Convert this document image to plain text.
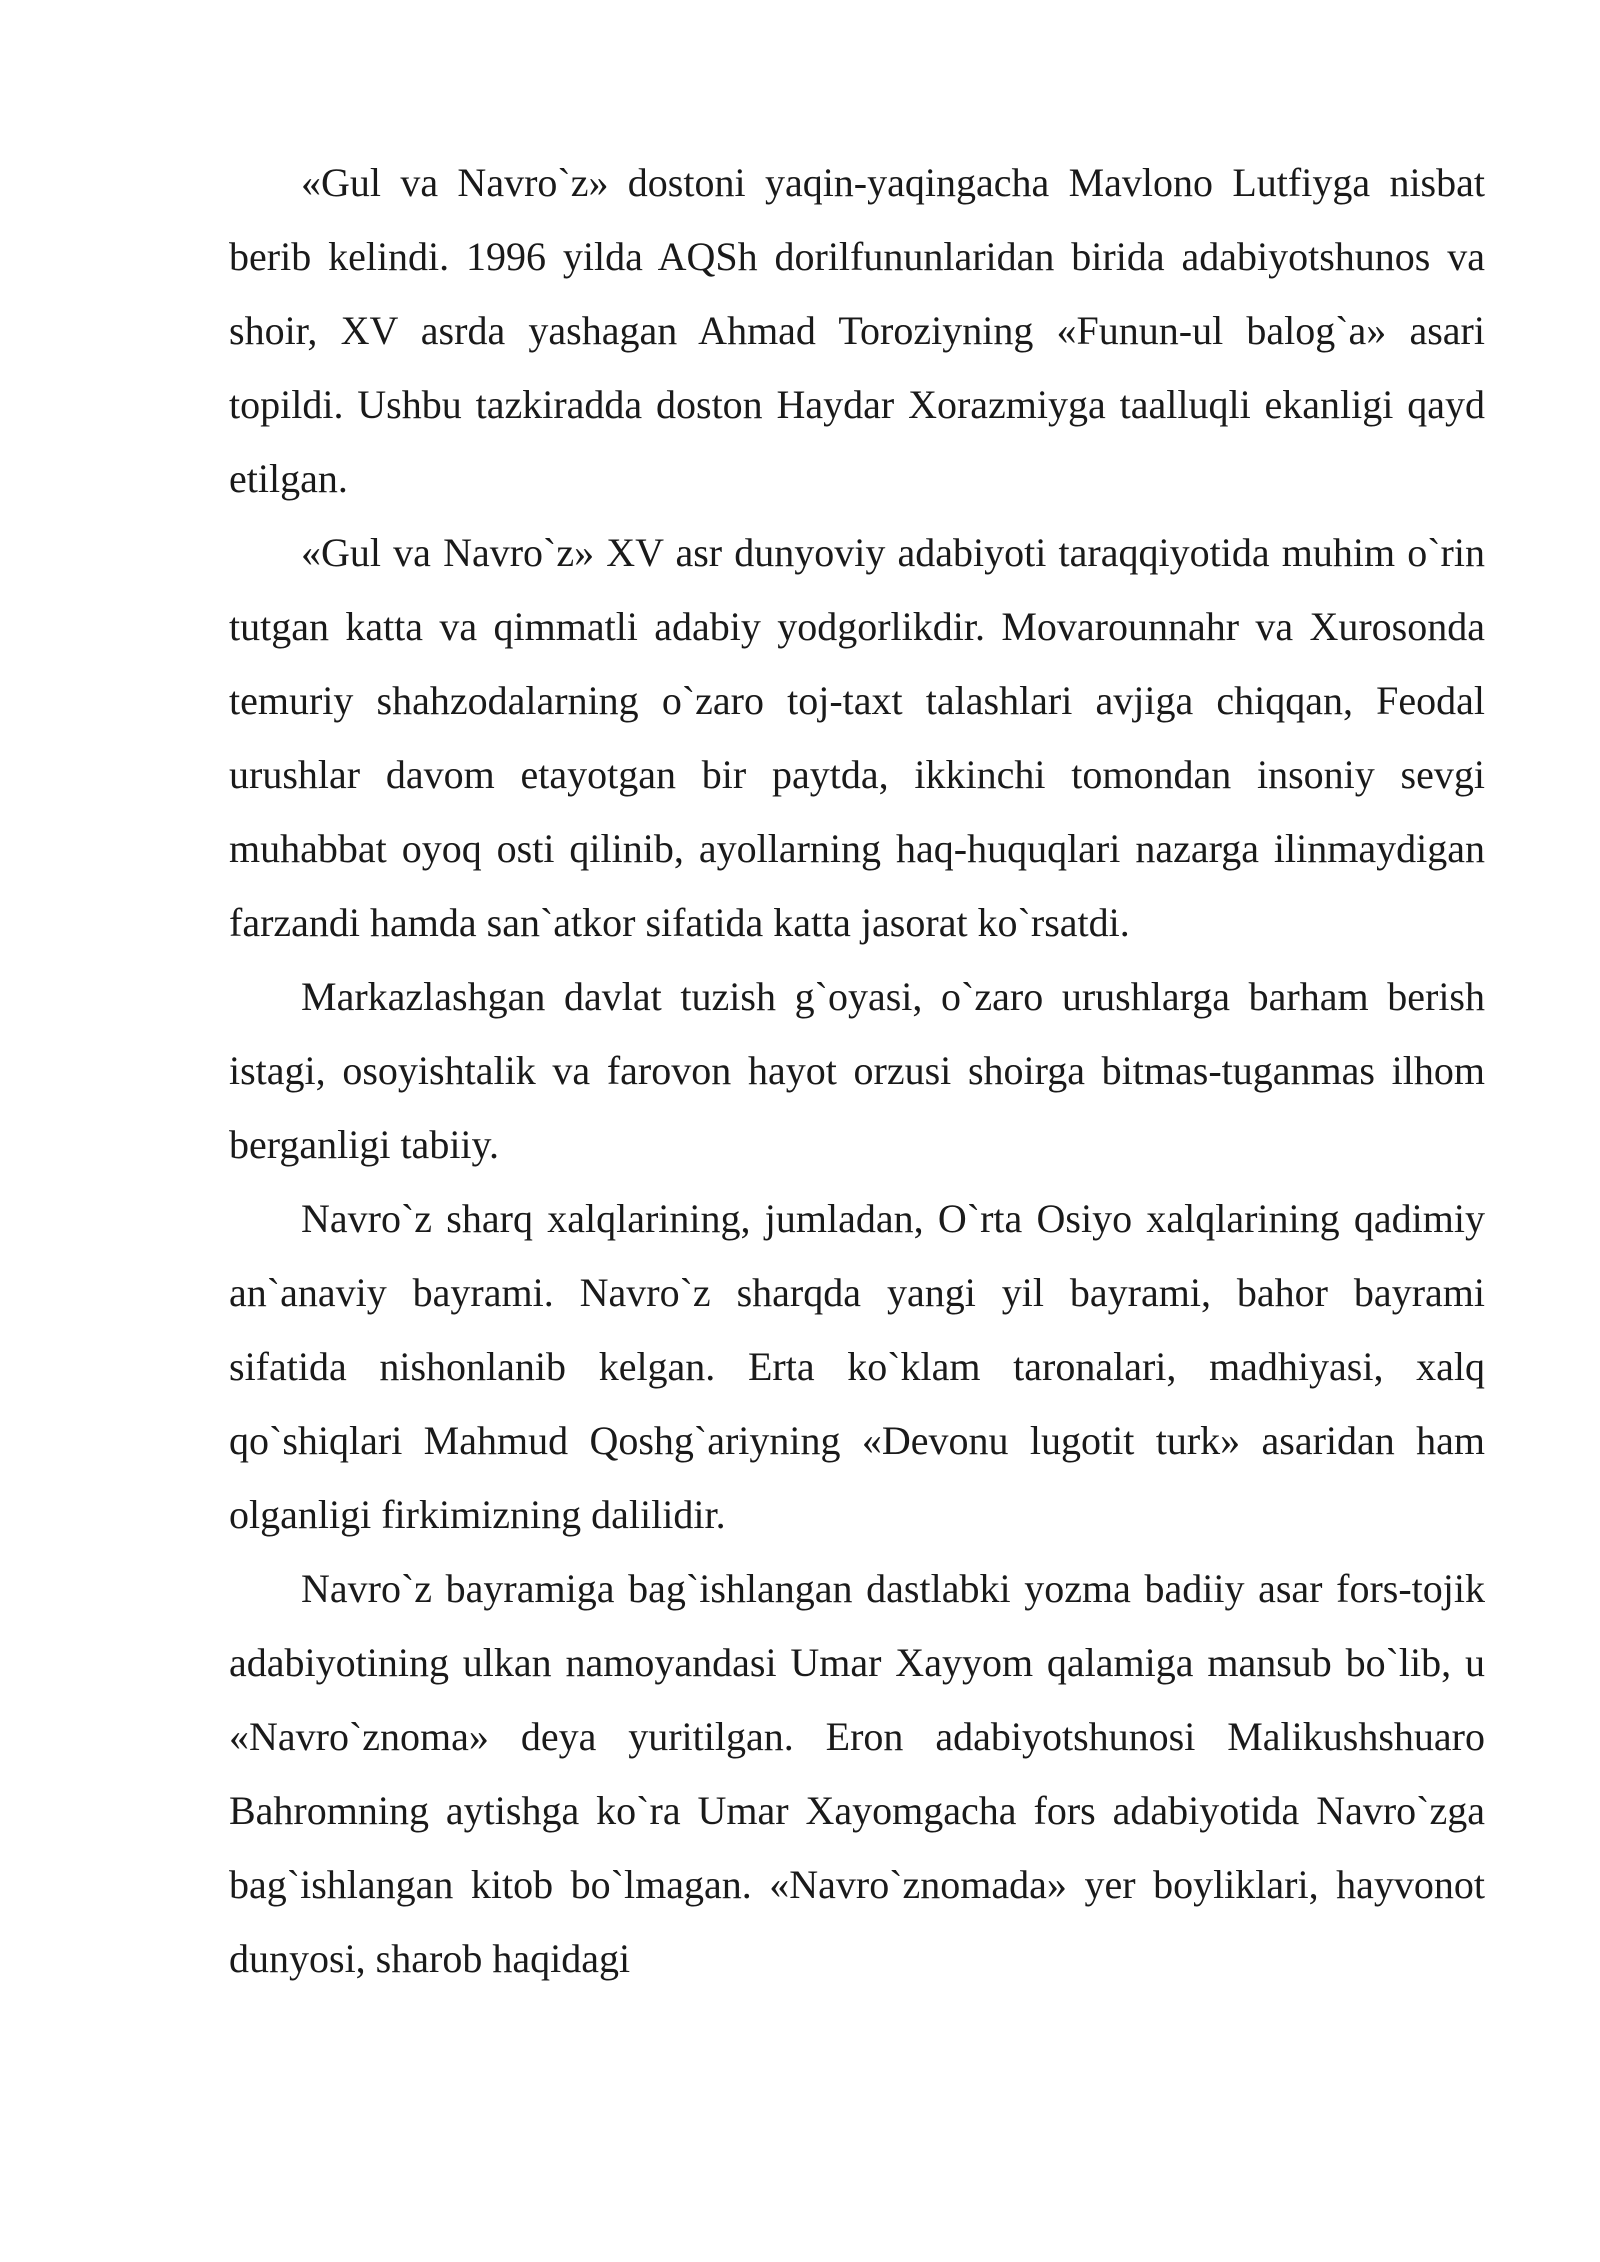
«Gul va Navro`z» dostoni yaqin-yaqingacha Mavlono Lutfiyga nisbat berib kelindi. 1996 yilda AQSh dorilfununlaridan birida adabiyotshunos va shoir, XV asrda yashagan Ahmad Toroziyning «Funun-ul balog`a» asari topildi. Ushbu tazkiradda doston Haydar Xorazmiyga taalluqli ekanligi qayd etilgan.

«Gul va Navro`z» XV asr dunyoviy adabiyoti taraqqiyotida muhim o`rin tutgan katta va qimmatli adabiy yodgorlikdir. Movarounnahr va Xurosonda temuriy shahzodalarning o`zaro toj-taxt talashlari avjiga chiqqan, Feodal urushlar davom etayotgan bir paytda, ikkinchi tomondan insoniy sevgi muhabbat oyoq osti qilinib, ayollarning haq-huquqlari nazarga ilinmaydigan farzandi hamda san`atkor sifatida katta jasorat ko`rsatdi.

Markazlashgan davlat tuzish g`oyasi, o`zaro urushlarga barham berish istagi, osoyishtalik va farovon hayot orzusi shoirga bitmas-tuganmas ilhom berganligi tabiiy.

Navro`z sharq xalqlarining, jumladan, O`rta Osiyo xalqlarining qadimiy an`anaviy bayrami. Navro`z sharqda yangi yil bayrami, bahor bayrami sifatida nishonlanib kelgan. Erta ko`klam taronalari, madhiyasi, xalq qo`shiqlari Mahmud Qoshg`ariyning «Devonu lugotit turk» asaridan ham olganligi firkimizning dalilidir.

Navro`z bayramiga bag`ishlangan dastlabki yozma badiiy asar fors-tojik adabiyotining ulkan namoyandasi Umar Xayyom qalamiga mansub bo`lib, u «Navro`znoma» deya yuritilgan. Eron adabiyotshunosi Malikushshuaro Bahromning aytishga ko`ra Umar Xayomgacha fors adabiyotida Navro`zga bag`ishlangan kitob bo`lmagan. «Navro`znomada» yer boyliklari, hayvonot dunyosi, sharob haqidagi
